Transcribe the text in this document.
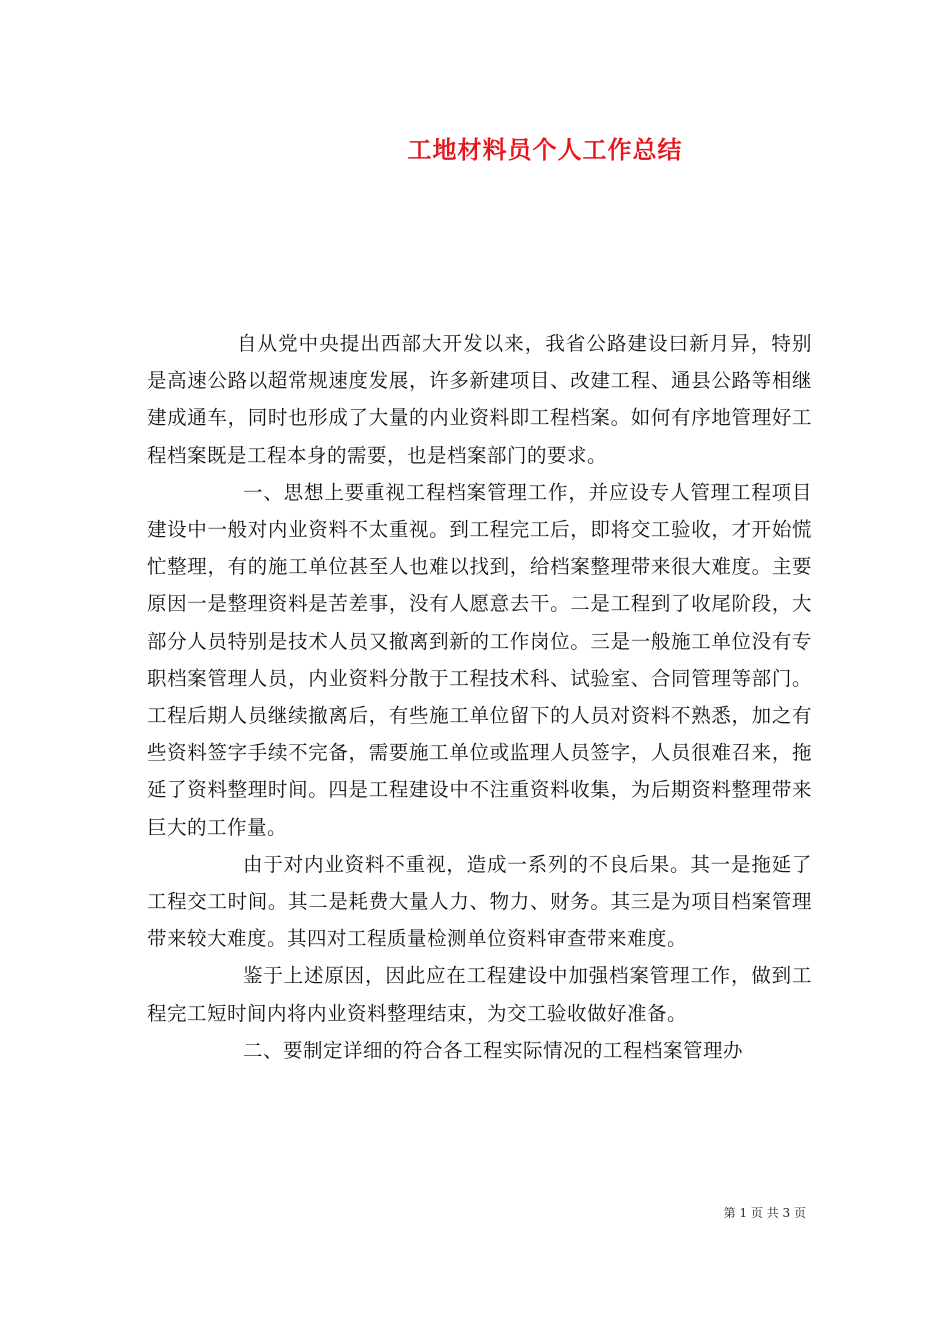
工地材料员个人工作总结

自从党中央提出西部大开发以来，我省公路建设曰新月异，特别是高速公路以超常规速度发展，许多新建项目、改建工程、通县公路等相继建成通车，同时也形成了大量的内业资料即工程档案。如何有序地管理好工程档案既是工程本身的需要，也是档案部门的要求。

一、思想上要重视工程档案管理工作，并应设专人管理工程项目建设中一般对内业资料不太重视。到工程完工后，即将交工验收，才开始慌忙整理，有的施工单位甚至人也难以找到，给档案整理带来很大难度。主要原因一是整理资料是苦差事，没有人愿意去干。二是工程到了收尾阶段，大部分人员特别是技术人员又撤离到新的工作岗位。三是一般施工单位没有专职档案管理人员，内业资料分散于工程技术科、试验室、合同管理等部门。工程后期人员继续撤离后，有些施工单位留下的人员对资料不熟悉，加之有些资料签字手续不完备，需要施工单位或监理人员签字，人员很难召来，拖延了资料整理时间。四是工程建设中不注重资料收集，为后期资料整理带来巨大的工作量。

由于对内业资料不重视，造成一系列的不良后果。其一是拖延了工程交工时间。其二是耗费大量人力、物力、财务。其三是为项目档案管理带来较大难度。其四对工程质量检测单位资料审查带来难度。

鉴于上述原因，因此应在工程建设中加强档案管理工作，做到工程完工短时间内将内业资料整理结束，为交工验收做好准备。

二、要制定详细的符合各工程实际情况的工程档案管理办

第 1 页 共 3 页
